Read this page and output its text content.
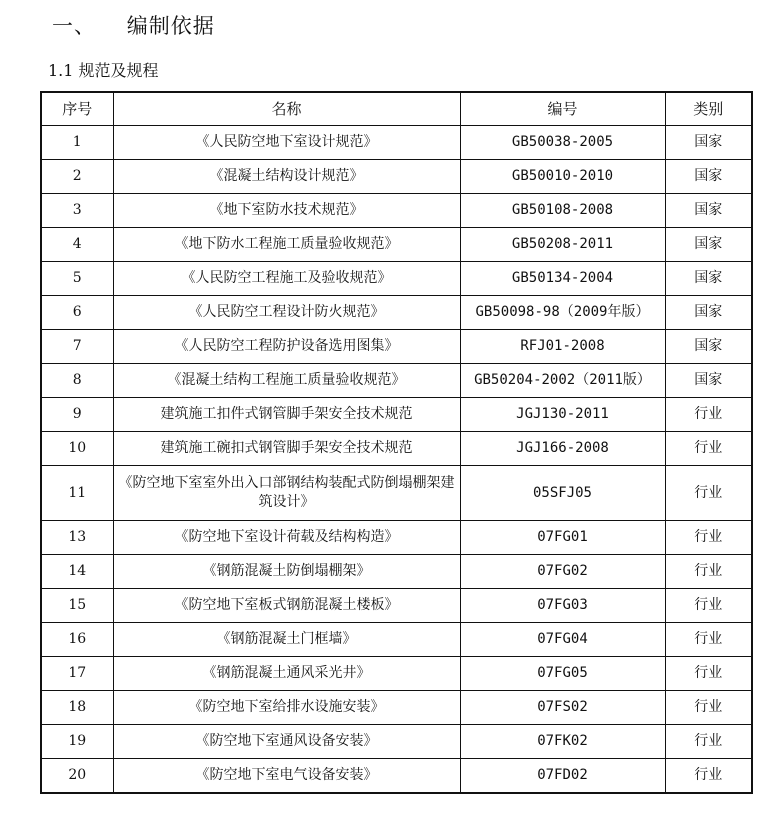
一、 编制依据
1.1 规范及规程
序号	名称	编号	类别
1	《人民防空地下室设计规范》	GB50038-2005	国家
2	《混凝土结构设计规范》	GB50010-2010	国家
3	《地下室防水技术规范》	GB50108-2008	国家
4	《地下防水工程施工质量验收规范》	GB50208-2011	国家
5	《人民防空工程施工及验收规范》	GB50134-2004	国家
6	《人民防空工程设计防火规范》	GB50098-98（2009年版）	国家
7	《人民防空工程防护设备选用图集》	RFJ01-2008	国家
8	《混凝土结构工程施工质量验收规范》	GB50204-2002（2011版）	国家
9	建筑施工扣件式钢管脚手架安全技术规范	JGJ130-2011	行业
10	建筑施工碗扣式钢管脚手架安全技术规范	JGJ166-2008	行业
11	《防空地下室室外出入口部钢结构装配式防倒塌棚架建筑设计》	05SFJ05	行业
13	《防空地下室设计荷载及结构构造》	07FG01	行业
14	《钢筋混凝土防倒塌棚架》	07FG02	行业
15	《防空地下室板式钢筋混凝土楼板》	07FG03	行业
16	《钢筋混凝土门框墙》	07FG04	行业
17	《钢筋混凝土通风采光井》	07FG05	行业
18	《防空地下室给排水设施安装》	07FS02	行业
19	《防空地下室通风设备安装》	07FK02	行业
20	《防空地下室电气设备安装》	07FD02	行业
